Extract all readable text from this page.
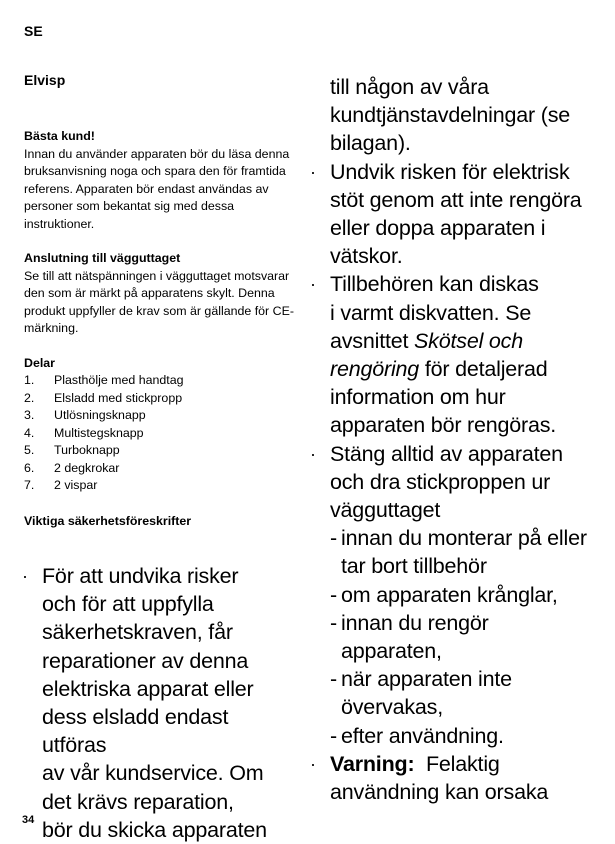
SE
Elvisp
Bästa kund!

Innan du använder apparaten bör du läsa denna bruksanvisning noga och spara den för framtida referens. Apparaten bör endast användas av personer som bekantat sig med dessa instruktioner.

Anslutning till vägguttaget

Se till att nätspänningen i vägguttaget motsvarar den som är märkt på apparatens skylt. Denna produkt uppfyller de krav som är gällande för CE-märkning.

Delar
1. Plasthölje med handtag
2. Elsladd med stickpropp
3. Utlösningsknapp
4. Multistegsknapp
5. Turboknapp
6. 2 degkrokar
7. 2 vispar
Viktiga säkerhetsföreskrifter
· För att undvika risker
och för att uppfylla
säkerhetskraven, får
reparationer av denna
elektriska apparat eller
dess elsladd endast utföras
av vår kundservice. Om
det krävs reparation,
bör du skicka apparaten
till någon av våra
kundtjänstavdelningar (se
bilagan).
· Undvik risken för elektrisk
stöt genom att inte rengöra
eller doppa apparaten i
vätskor.
· Tillbehören kan diskas
i varmt diskvatten. Se
avsnittet Skötsel och
rengöring för detaljerad
information om hur
apparaten bör rengöras.
· Stäng alltid av apparaten
och dra stickproppen ur
vägguttaget
- innan du monterar på eller
tar bort tillbehör
- om apparaten krånglar,
- innan du rengör
apparaten,
- när apparaten inte
övervakas,
- efter användning.
· Varning:  Felaktig
användning kan orsaka
34
